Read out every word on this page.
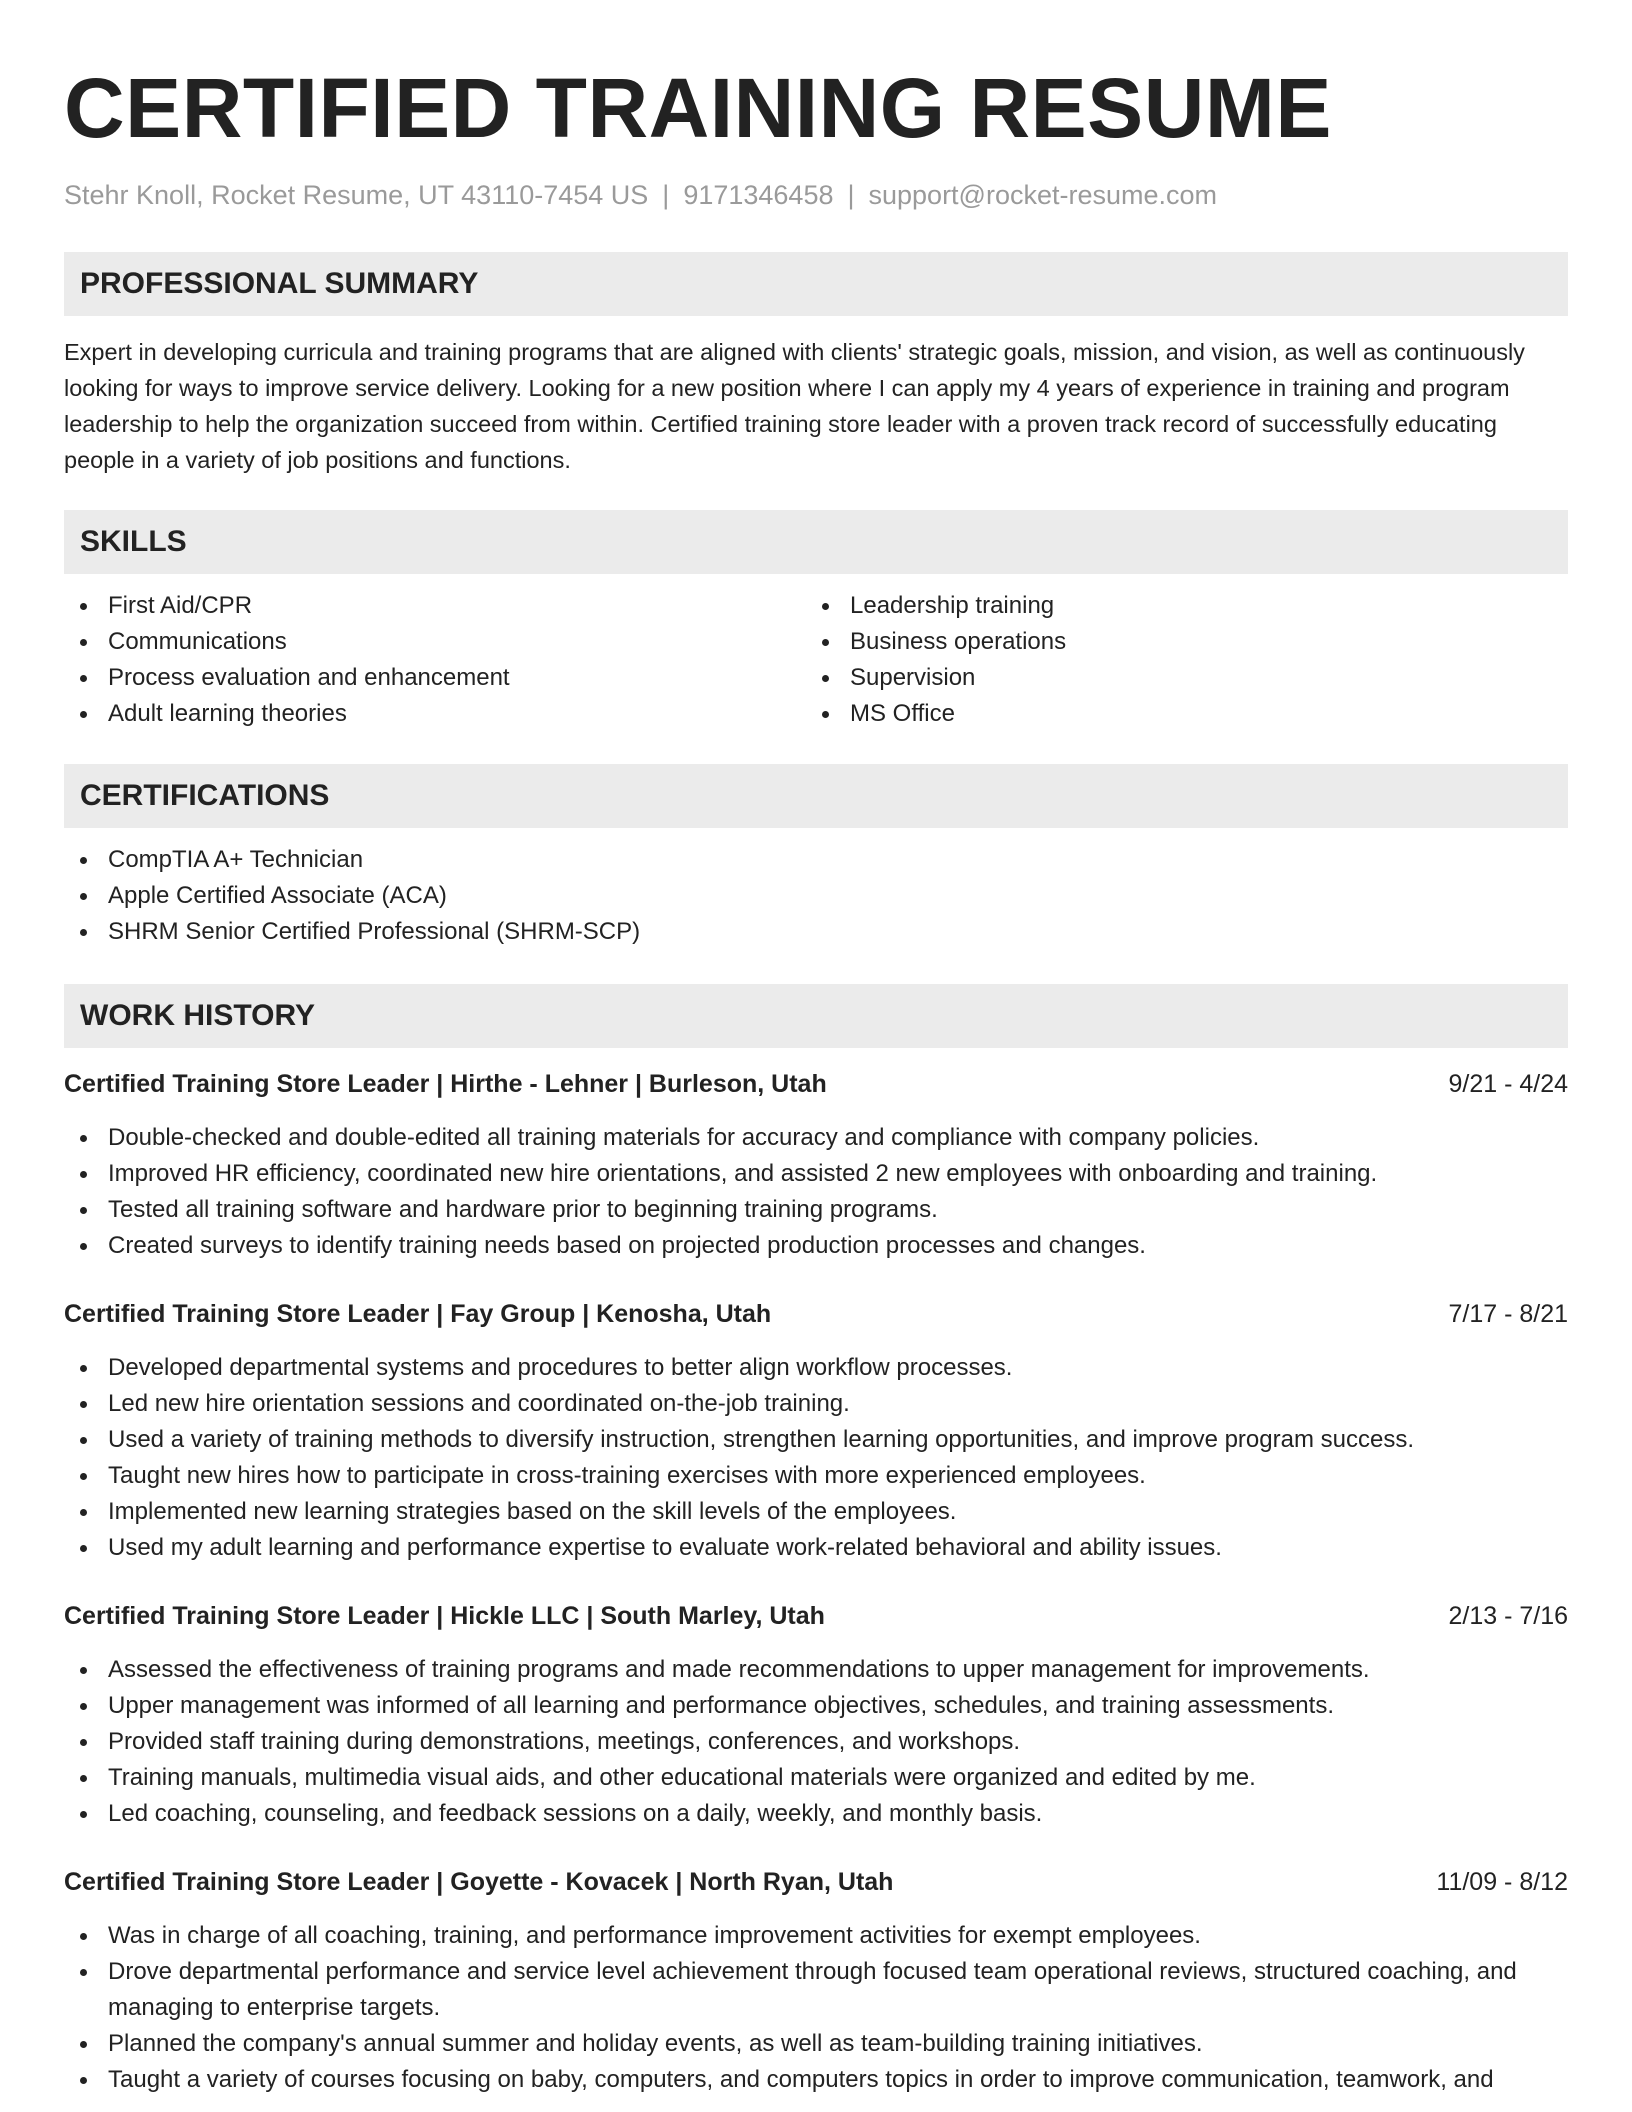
CERTIFIED TRAINING RESUME
Stehr Knoll, Rocket Resume, UT 43110-7454 US | 9171346458 | support@rocket-resume.com
PROFESSIONAL SUMMARY

Expert in developing curricula and training programs that are aligned with clients' strategic goals, mission, and vision, as well as continuously looking for ways to improve service delivery. Looking for a new position where I can apply my 4 years of experience in training and program leadership to help the organization succeed from within. Certified training store leader with a proven track record of successfully educating people in a variety of job positions and functions.

SKILLS
First Aid/CPR
Communications
Process evaluation and enhancement
Adult learning theories
Leadership training
Business operations
Supervision
MS Office
CERTIFICATIONS
CompTIA A+ Technician
Apple Certified Associate (ACA)
SHRM Senior Certified Professional (SHRM-SCP)
WORK HISTORY
Certified Training Store Leader | Hirthe - Lehner | Burleson, Utah	9/21 - 4/24
Double-checked and double-edited all training materials for accuracy and compliance with company policies.
Improved HR efficiency, coordinated new hire orientations, and assisted 2 new employees with onboarding and training.
Tested all training software and hardware prior to beginning training programs.
Created surveys to identify training needs based on projected production processes and changes.
Certified Training Store Leader | Fay Group | Kenosha, Utah	7/17 - 8/21
Developed departmental systems and procedures to better align workflow processes.
Led new hire orientation sessions and coordinated on-the-job training.
Used a variety of training methods to diversify instruction, strengthen learning opportunities, and improve program success.
Taught new hires how to participate in cross-training exercises with more experienced employees.
Implemented new learning strategies based on the skill levels of the employees.
Used my adult learning and performance expertise to evaluate work-related behavioral and ability issues.
Certified Training Store Leader | Hickle LLC | South Marley, Utah	2/13 - 7/16
Assessed the effectiveness of training programs and made recommendations to upper management for improvements.
Upper management was informed of all learning and performance objectives, schedules, and training assessments.
Provided staff training during demonstrations, meetings, conferences, and workshops.
Training manuals, multimedia visual aids, and other educational materials were organized and edited by me.
Led coaching, counseling, and feedback sessions on a daily, weekly, and monthly basis.
Certified Training Store Leader | Goyette - Kovacek | North Ryan, Utah	11/09 - 8/12
Was in charge of all coaching, training, and performance improvement activities for exempt employees.
Drove departmental performance and service level achievement through focused team operational reviews, structured coaching, and managing to enterprise targets.
Planned the company's annual summer and holiday events, as well as team-building training initiatives.
Taught a variety of courses focusing on baby, computers, and computers topics in order to improve communication, teamwork, and
